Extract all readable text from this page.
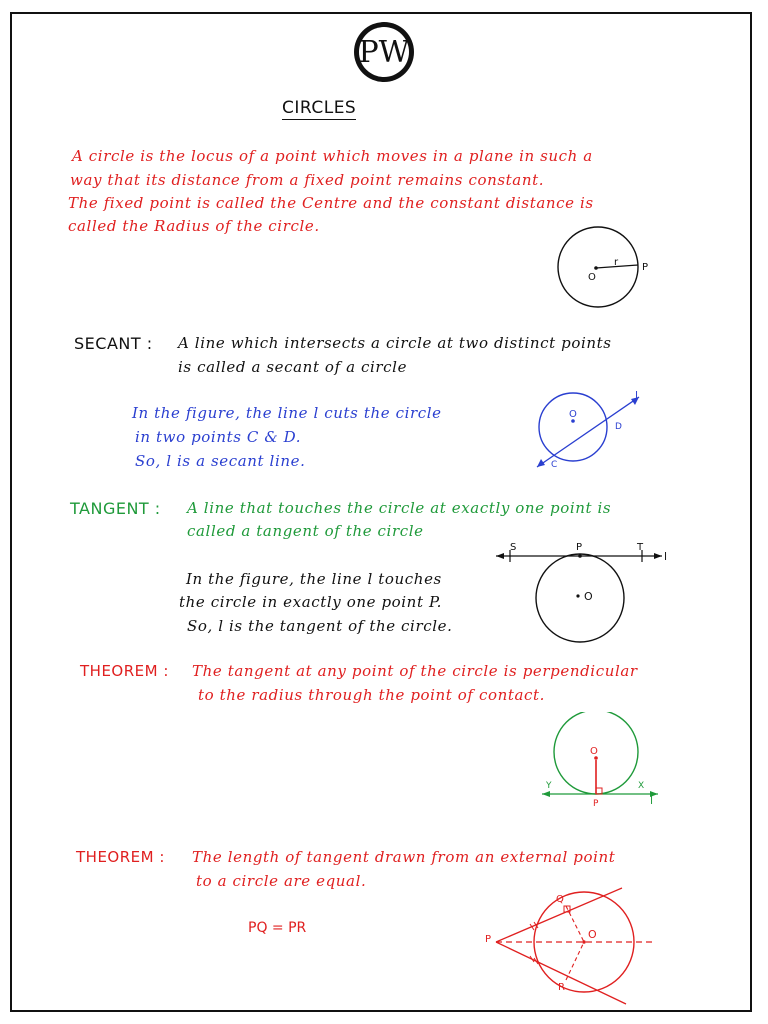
PW
CIRCLES
A circle is the locus of a point which moves in a plane in such a
way that its distance from a fixed point remains constant.
The fixed point is called the Centre and the constant distance is
called the Radius of the circle.
O
r P
SECANT : A line which intersects a circle at two distinct points
is called a secant of a circle
In the figure, the line l cuts the circle
in two points C & D.
So, l is a secant line.
O
l
D
C
TANGENT : A line that touches the circle at exactly one point is
called a tangent of the circle
In the figure, the line l touches
the circle in exactly one point P.
So, l is the tangent of the circle.
S	P	T
l
O
THEOREM : The tangent at any point of the circle is perpendicular
to the radius through the point of contact.
O
Y	X
P	l
THEOREM : The length of tangent drawn from an external point
to a circle are equal.
PQ = PR
Q
P	O
R
